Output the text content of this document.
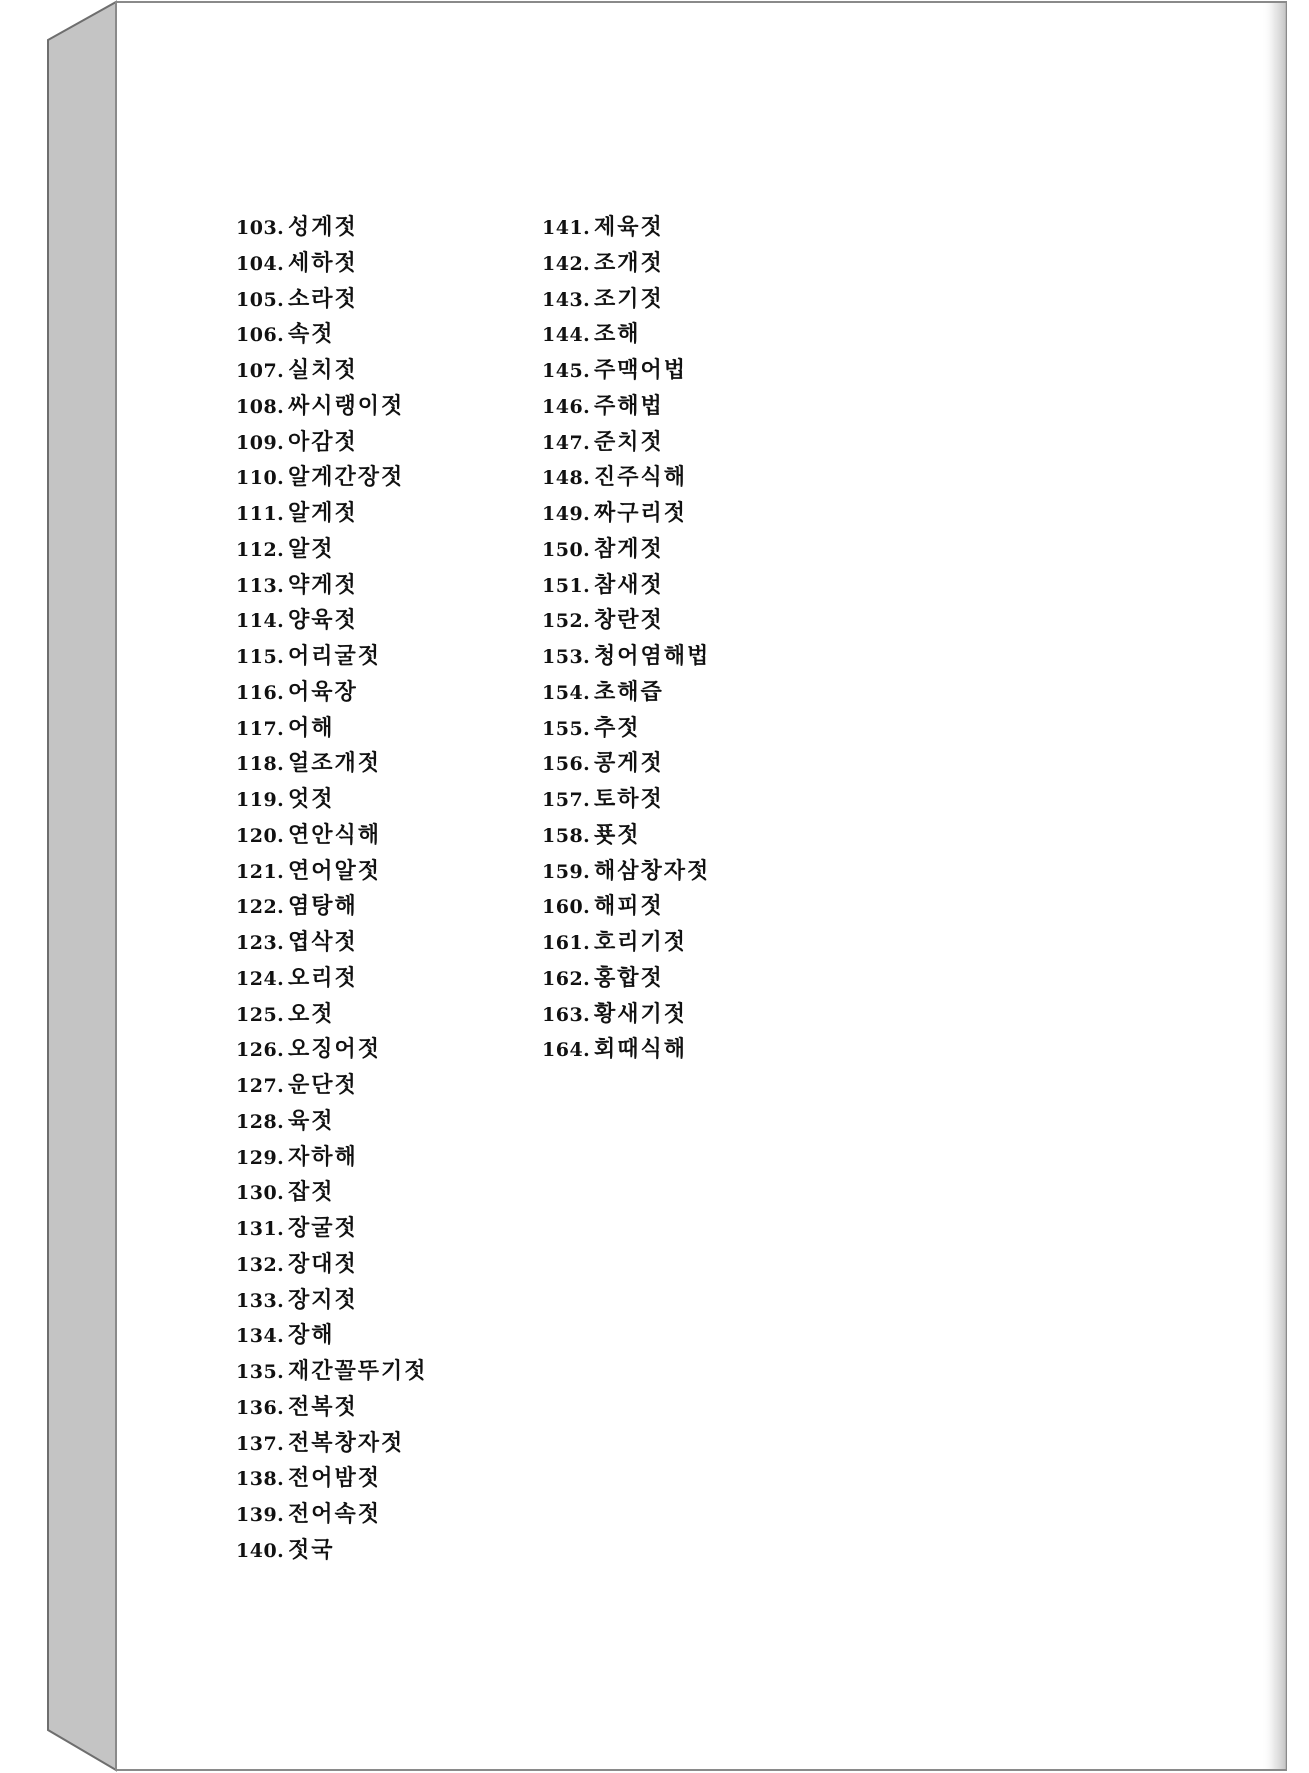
103. 성게젓
104. 세하젓
105. 소라젓
106. 속젓
107. 실치젓
108. 싸시랭이젓
109. 아감젓
110. 알게간장젓
111. 알게젓
112. 알젓
113. 약게젓
114. 양육젓
115. 어리굴젓
116. 어육장
117. 어해
118. 얼조개젓
119. 엇젓
120. 연안식해
121. 연어알젓
122. 염탕해
123. 엽삭젓
124. 오리젓
125. 오젓
126. 오징어젓
127. 운단젓
128. 육젓
129. 자하해
130. 잡젓
131. 장굴젓
132. 장대젓
133. 장지젓
134. 장해
135. 재간꼴뚜기젓
136. 전복젓
137. 전복창자젓
138. 전어밤젓
139. 전어속젓
140. 젓국
141. 제육젓
142. 조개젓
143. 조기젓
144. 조해
145. 주맥어법
146. 주해법
147. 준치젓
148. 진주식해
149. 짜구리젓
150. 참게젓
151. 참새젓
152. 창란젓
153. 청어염해법
154. 초해즙
155. 추젓
156. 콩게젓
157. 토하젓
158. 푯젓
159. 해삼창자젓
160. 해피젓
161. 호리기젓
162. 홍합젓
163. 황새기젓
164. 회때식해
